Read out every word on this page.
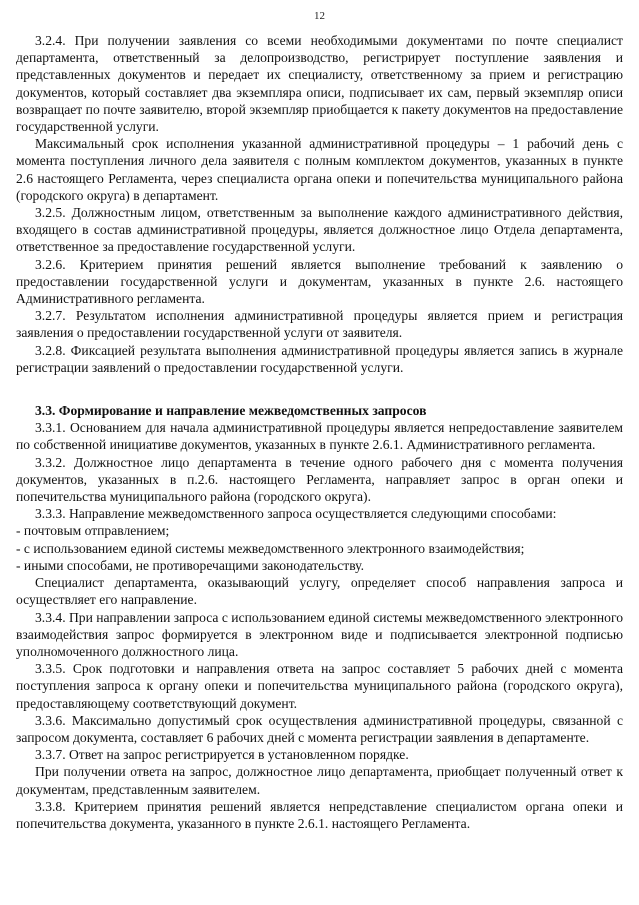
12

3.2.4. При получении заявления со всеми необходимыми документами по почте специалист департамента, ответственный за делопроизводство, регистрирует поступление заявления и представленных документов и передает их специалисту, ответственному за прием и регистрацию документов, который составляет два экземпляра описи, подписывает их сам, первый экземпляр описи возвращает по почте заявителю, второй экземпляр приобщается к пакету документов на предоставление государственной услуги.

Максимальный срок исполнения указанной административной процедуры – 1 рабочий день с момента поступления личного дела заявителя с полным комплектом документов, указанных в пункте 2.6 настоящего Регламента, через специалиста органа опеки и попечительства муниципального района (городского округа) в департамент.

3.2.5. Должностным лицом, ответственным за выполнение каждого административного действия, входящего в состав административной процедуры, является должностное лицо Отдела департамента, ответственное за предоставление государственной услуги.

3.2.6. Критерием принятия решений является выполнение требований к заявлению о предоставлении государственной услуги и документам, указанных в пункте 2.6. настоящего Административного регламента.

3.2.7. Результатом исполнения административной процедуры является прием и регистрация заявления о предоставлении государственной услуги от заявителя.

3.2.8. Фиксацией результата выполнения административной процедуры является запись в журнале регистрации заявлений о предоставлении государственной услуги.

3.3. Формирование и направление межведомственных запросов

3.3.1. Основанием для начала административной процедуры является непредоставление заявителем по собственной инициативе документов, указанных в пункте 2.6.1. Административного регламента.

3.3.2. Должностное лицо департамента в течение одного рабочего дня с момента получения документов, указанных в п.2.6. настоящего Регламента, направляет запрос в орган опеки и попечительства муниципального района (городского округа).

3.3.3. Направление межведомственного запроса осуществляется следующими способами:

- почтовым отправлением;

- с использованием единой системы межведомственного электронного взаимодействия;

- иными способами, не противоречащими законодательству.

Специалист департамента, оказывающий услугу, определяет способ направления запроса и осуществляет его направление.

3.3.4. При направлении запроса с использованием единой системы межведомственного электронного взаимодействия запрос формируется в электронном виде и подписывается электронной подписью уполномоченного должностного лица.

3.3.5. Срок подготовки и направления ответа на запрос составляет 5 рабочих дней с момента поступления запроса к органу опеки и попечительства муниципального района (городского округа), предоставляющему соответствующий документ.

3.3.6. Максимально допустимый срок осуществления административной процедуры, связанной с запросом документа, составляет 6 рабочих дней с момента регистрации заявления в департаменте.

3.3.7. Ответ на запрос регистрируется в установленном порядке.

При получении ответа на запрос, должностное лицо департамента, приобщает полученный ответ к документам, представленным заявителем.

3.3.8. Критерием принятия решений является непредставление специалистом органа опеки и попечительства документа, указанного в пункте 2.6.1. настоящего Регламента.
